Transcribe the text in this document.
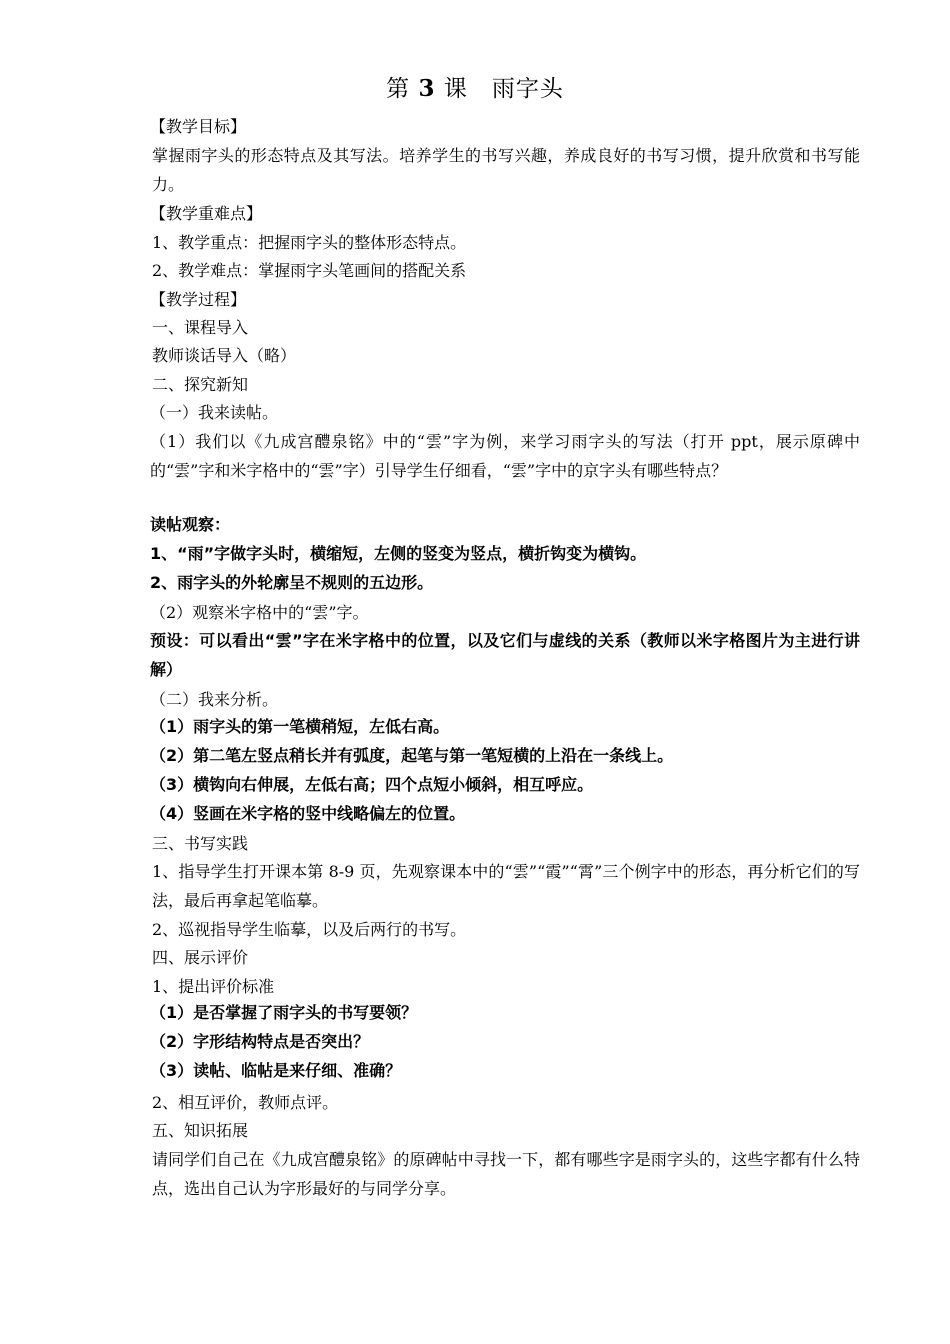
第 3 课　雨字头
【教学目标】
掌握雨字头的形态特点及其写法。培养学生的书写兴趣，养成良好的书写习惯，提升欣赏和书写能力。
【教学重难点】
1、教学重点：把握雨字头的整体形态特点。
2、教学难点：掌握雨字头笔画间的搭配关系
【教学过程】
一、课程导入
教师谈话导入（略）
二、探究新知
（一）我来读帖。
（1）我们以《九成宫醴泉铭》中的“雲”字为例，来学习雨字头的写法（打开 ppt，展示原碑中的“雲”字和米字格中的“雲”字）引导学生仔细看，“雲”字中的京字头有哪些特点？
读帖观察：
1、“雨”字做字头时，横缩短，左侧的竖变为竖点，横折钩变为横钩。
2、雨字头的外轮廓呈不规则的五边形。
（2）观察米字格中的“雲”字。
预设：可以看出“雲”字在米字格中的位置，以及它们与虚线的关系（教师以米字格图片为主进行讲解）
（二）我来分析。
（1）雨字头的第一笔横稍短，左低右高。
（2）第二笔左竖点稍长并有弧度，起笔与第一笔短横的上沿在一条线上。
（3）横钩向右伸展，左低右高；四个点短小倾斜，相互呼应。
（4）竖画在米字格的竖中线略偏左的位置。
三、书写实践
1、指导学生打开课本第 8-9 页，先观察课本中的“雲”“霞”“霄”三个例字中的形态，再分析它们的写法，最后再拿起笔临摹。
2、巡视指导学生临摹，以及后两行的书写。
四、展示评价
1、提出评价标准
（1）是否掌握了雨字头的书写要领？
（2）字形结构特点是否突出？
（3）读帖、临帖是来仔细、准确？
2、相互评价，教师点评。
五、知识拓展
请同学们自己在《九成宫醴泉铭》的原碑帖中寻找一下，都有哪些字是雨字头的，这些字都有什么特点，选出自己认为字形最好的与同学分享。
